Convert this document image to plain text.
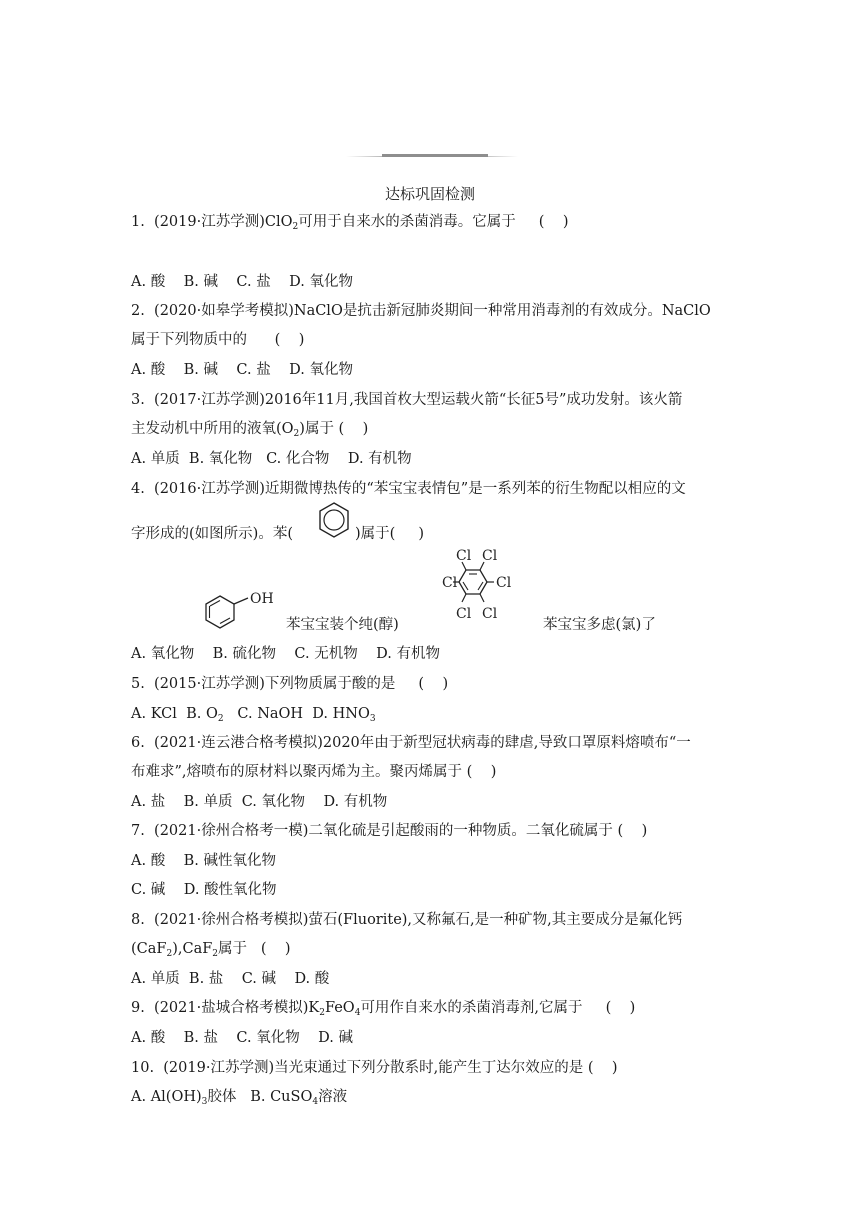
达标巩固检测
1.  (2019·江苏学测)ClO$_2$可用于自来水的杀菌消毒。它属于     (    )
A. 酸    B. 碱    C. 盐    D. 氧化物
2.  (2020·如皋学考模拟)NaClO是抗击新冠肺炎期间一种常用消毒剂的有效成分。NaClO
属于下列物质中的      (    )
A. 酸    B. 碱    C. 盐    D. 氧化物
3.  (2017·江苏学测)2016年11月,我国首枚大型运载火箭“长征5号”成功发射。该火箭
主发动机中所用的液氧$(O_2)$属于 (    )
A. 单质  B. 氧化物   C. 化合物    D. 有机物
4.  (2016·江苏学测)近期微博热传的“苯宝宝表情包”是一系列苯的衍生物配以相应的文

字形成的(如图所示)。苯(

	)属于(     )

OH
苯宝宝装个纯(醇)
Cl Cl
Cl	Cl
Cl Cl
苯宝宝多虑(氯)了
A. 氧化物    B. 硫化物    C. 无机物    D. 有机物
5.  (2015·江苏学测)下列物质属于酸的是     (    )
A. KCl  B. $O_2$   C. NaOH  D. $HNO_3$
6.  (2021·连云港合格考模拟)2020年由于新型冠状病毒的肆虐,导致口罩原料熔喷布“一
布难求”,熔喷布的原材料以聚丙烯为主。聚丙烯属于 (    )
A. 盐    B. 单质  C. 氧化物    D. 有机物
7.  (2021·徐州合格考一模)二氧化硫是引起酸雨的一种物质。二氧化硫属于 (    )
A. 酸    B. 碱性氧化物
C. 碱    D. 酸性氧化物
8.  (2021·徐州合格考模拟)萤石(Fluorite),又称氟石,是一种矿物,其主要成分是氟化钙
(CaF$_2$),CaF$_2$属于   (    )
A. 单质  B. 盐    C. 碱    D. 酸
9.  (2021·盐城合格考模拟)$K_2FeO_4$可用作自来水的杀菌消毒剂,它属于     (    )
A. 酸    B. 盐    C. 氧化物    D. 碱
10.  (2019·江苏学测)当光束通过下列分散系时,能产生丁达尔效应的是 (    )
A. $Al(OH)_3$胶体   B. CuSO$_4$溶液
